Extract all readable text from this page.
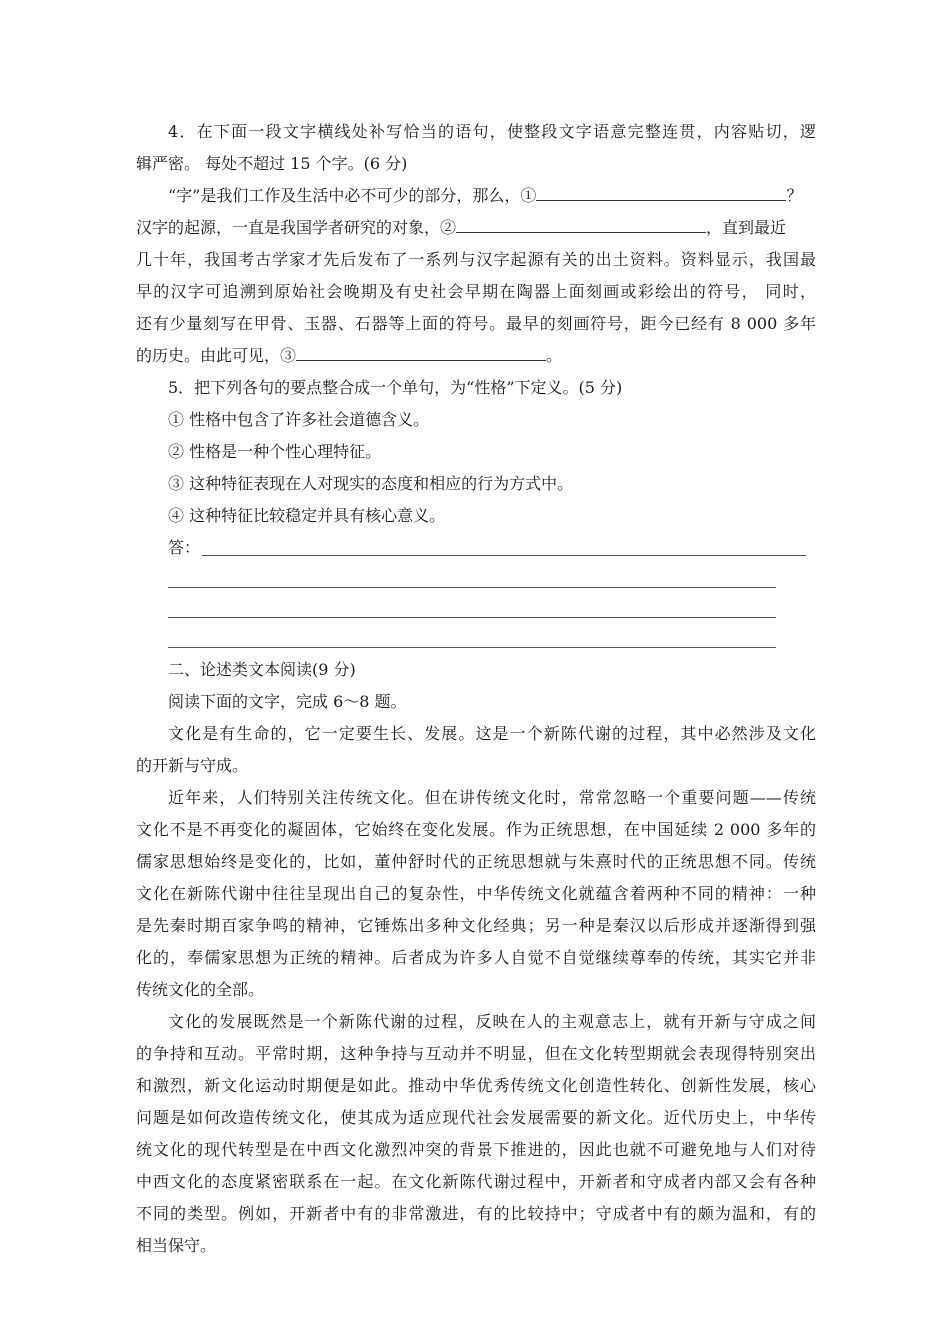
4．在下面一段文字横线处补写恰当的语句，使整段文字语意完整连贯，内容贴切，逻
辑严密。 每处不超过 15 个字。(6 分)
“字”是我们工作及生活中必不可少的部分，那么，①	？
汉字的起源，一直是我国学者研究的对象，②	，直到最近
几十年，我国考古学家才先后发布了一系列与汉字起源有关的出土资料。资料显示，我国最
早的汉字可追溯到原始社会晚期及有史社会早期在陶器上面刻画或彩绘出的符号， 同时，
还有少量刻写在甲骨、玉器、石器等上面的符号。最早的刻画符号，距今已经有 8 000 多年
的历史。由此可见，③	。
5．把下列各句的要点整合成一个单句，为“性格”下定义。(5 分)
① 性格中包含了许多社会道德含义。
② 性格是一种个性心理特征。
③ 这种特征表现在人对现实的态度和相应的行为方式中。
④ 这种特征比较稳定并具有核心意义。
答：
二、论述类文本阅读(9 分)
阅读下面的文字，完成 6～8 题。
文化是有生命的，它一定要生长、发展。这是一个新陈代谢的过程，其中必然涉及文化
的开新与守成。
近年来，人们特别关注传统文化。但在讲传统文化时，常常忽略一个重要问题——传统
文化不是不再变化的凝固体，它始终在变化发展。作为正统思想，在中国延续 2 000 多年的
儒家思想始终是变化的，比如，董仲舒时代的正统思想就与朱熹时代的正统思想不同。传统
文化在新陈代谢中往往呈现出自己的复杂性，中华传统文化就蕴含着两种不同的精神：一种
是先秦时期百家争鸣的精神，它锤炼出多种文化经典；另一种是秦汉以后形成并逐渐得到强
化的，奉儒家思想为正统的精神。后者成为许多人自觉不自觉继续尊奉的传统，其实它并非
传统文化的全部。
文化的发展既然是一个新陈代谢的过程，反映在人的主观意志上，就有开新与守成之间
的争持和互动。平常时期，这种争持与互动并不明显，但在文化转型期就会表现得特别突出
和激烈，新文化运动时期便是如此。推动中华优秀传统文化创造性转化、创新性发展，核心
问题是如何改造传统文化，使其成为适应现代社会发展需要的新文化。近代历史上，中华传
统文化的现代转型是在中西文化激烈冲突的背景下推进的，因此也就不可避免地与人们对待
中西文化的态度紧密联系在一起。在文化新陈代谢过程中，开新者和守成者内部又会有各种
不同的类型。例如，开新者中有的非常激进，有的比较持中；守成者中有的颇为温和，有的
相当保守。
